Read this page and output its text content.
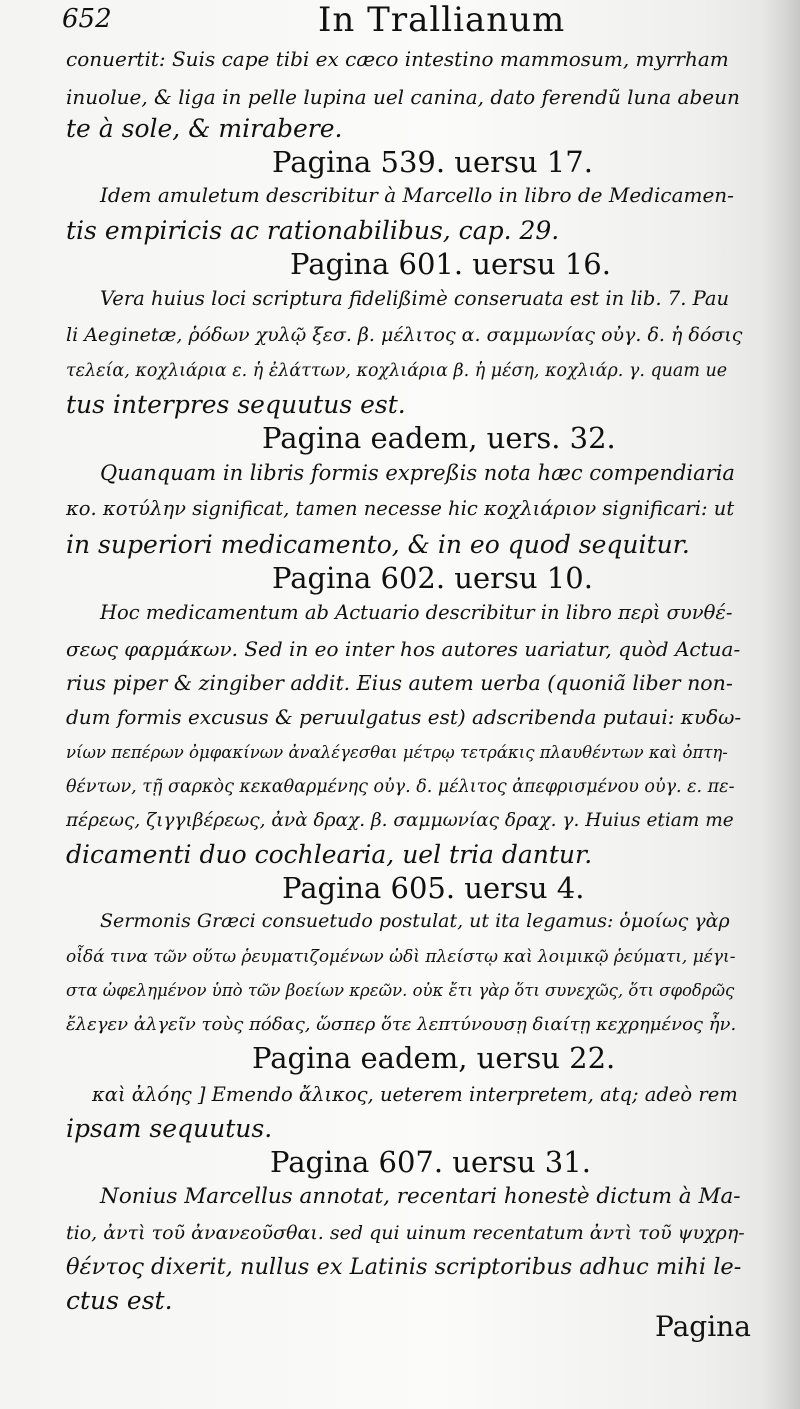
652	In Trallianum
conuertit: Suis cape tibi ex cæco intestino mammosum, myrrham
inuolue, & liga in pelle lupina uel canina, dato ferendũ luna abeun
te à sole, & mirabere.
Pagina 539. uersu 17.
Idem amuletum describitur à Marcello in libro de Medicamen-
tis empiricis ac rationabilibus, cap. 29.
Pagina 601. uersu 16.
Vera huius loci scriptura fidelißimè conseruata est in lib. 7. Pau
li Aeginetæ, ῥόδων χυλῷ ξεσ. β. μέλιτος α. σαμμωνίας οὐγ. δ. ἡ δόσις
τελεία, κοχλιάρια ε. ἡ ἐλάττων, κοχλιάρια β. ἡ μέση, κοχλιάρ. γ. quam ue
tus interpres sequutus est.
Pagina eadem, uers. 32.
Quanquam in libris formis expreßis nota hæc compendiaria
κο. κοτύλην significat, tamen necesse hic κοχλιάριον significari: ut
in superiori medicamento, & in eo quod sequitur.
Pagina 602. uersu 10.
Hoc medicamentum ab Actuario describitur in libro περὶ συνθέ-
σεως φαρμάκων. Sed in eo inter hos autores uariatur, quòd Actua-
rius piper & zingiber addit. Eius autem uerba (quoniã liber non-
dum formis excusus & peruulgatus est) adscribenda putaui: κυδω-
νίων πεπέρων ὀμφακίνων ἀναλέγεσθαι μέτρῳ τετράκις πλαυθέντων καὶ ὀπτη-
θέντων, τῇ σαρκὸς κεκαθαρμένης οὐγ. δ. μέλιτος ἀπεφρισμένου οὐγ. ε. πε-
πέρεως, ζιγγιβέρεως, ἀνὰ δραχ. β. σαμμωνίας δραχ. γ. Huius etiam me
dicamenti duo cochlearia, uel tria dantur.
Pagina 605. uersu 4.
Sermonis Græci consuetudo postulat, ut ita legamus: ὁμοίως γὰρ
οἶδά τινα τῶν οὕτω ῥευματιζομένων ὠδὶ πλείστῳ καὶ λοιμικῷ ῥεύματι, μέγι-
στα ὠφελημένον ὑπὸ τῶν βοείων κρεῶν. οὐκ ἔτι γὰρ ὅτι συνεχῶς, ὅτι σφοδρῶς
ἔλεγεν ἀλγεῖν τοὺς πόδας, ὥσπερ ὅτε λεπτύνουσῃ διαίτῃ κεχρημένος ἦν.
Pagina eadem, uersu 22.
καὶ ἀλόης ] Emendo ἄλικος, ueterem interpretem, atq; adeò rem
ipsam sequutus.
Pagina 607. uersu 31.
Nonius Marcellus annotat, recentari honestè dictum à Ma-
tio, ἀντὶ τοῦ ἀνανεοῦσθαι. sed qui uinum recentatum ἀντὶ τοῦ ψυχρη-
θέντος dixerit, nullus ex Latinis scriptoribus adhuc mihi le-
ctus est.
Pagina
